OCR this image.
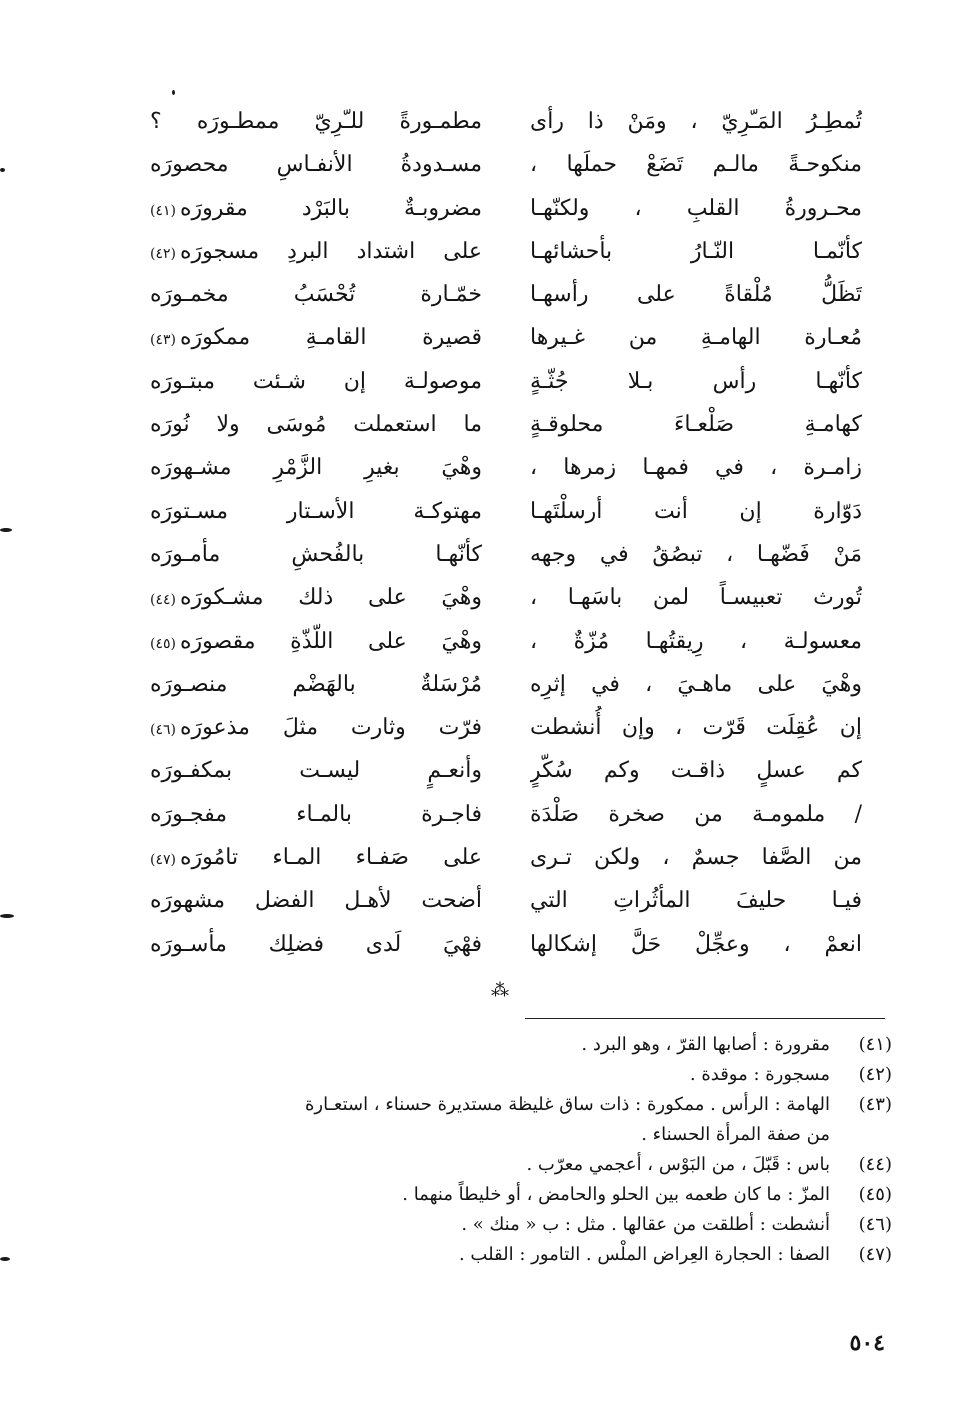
تُمطِـرُ المَـّرِيّ ، ومَنْ ذا رأى
منكوحـةً مالـم تَضَعْ حملَها ،
محـرورةُ القلبِ ، ولكنّهـا
كأنّمـا النّـارُ بأحشائهـا
تَظَلُّ مُلْقاةً على رأسهـا
مُعـارة الهامـةِ من غـيرها
كأنّهـا رأس بـلا جُثّـةٍ
كهامـةِ صَلْعـاءَ محلوقـةٍ
زامـرة ، في فمهـا زمرها ،
دَوّارة إن أنت أرسلْتَهـا
مَنْ فَضّهـا ، تبصُقُ في وجهه
تُورث تعبيسـاً لمن باسَهـا ،
معسولـة ، رِيقتُهـا مُزّةٌ ،
وهْيَ على ماهـيَ ، في إثرِه
إن عُقِلَت قَرّت ، وإن أُنشطت
كم عسلٍ ذاقـت وكم سُكّرٍ
/ ملمومـة من صخرة صَلْدَة
من الصَّفا جسمٌ ، ولكن تـرى
فيـا حليفَ المأثُراتِ التي
انعمْ ، وعجِّلْ حَلَّ إشكالها
مطمـورةً للـّرِيّ ممطـورَه ؟
مسـدودةُ الأنفـاسِ محصورَه
مضروبـةٌ بالبَرْد مقرورَه(٤١)
على اشتداد البردِ مسجورَه(٤٢)
خمّـارة تُحْسَبُ مخمـورَه
قصيرة القامـةِ ممكورَه(٤٣)
موصولـة إن شـئت مبتـورَه
ما استعملت مُوسَى ولا نُورَه
وهْيَ بغيرِ الزَّمْرِ مشـهورَه
مهتوكـة الأسـتار مسـتورَه
كأنّهـا بالفُحشِ مأمـورَه
وهْيَ على ذلك مشـكورَه(٤٤)
وهْيَ على اللّذّةِ مقصورَه(٤٥)
مُرْسَلةٌ بالهَضْم منصـورَه
فرّت وثارت مثلَ مذعورَه(٤٦)
وأنعـمٍ ليسـت بمكفـورَه
فاجـرة بالمـاء مفجـورَه
على صَفـاء المـاء تامُورَه(٤٧)
أضحت لأهـل الفضل مشهورَه
فهْيَ لَدى فضلِك مأسـورَه
⁂
(٤١)
مقرورة : أصابها القرّ ، وهو البرد .
(٤٢)
مسجورة : موقدة .
(٤٣)
الهامة : الرأس . ممكورة : ذات ساق غليظة مستديرة حسناء ، استعـارة
من صفة المرأة الحسناء .
(٤٤)
باس : قَبّلَ ، من البَوْس ، أعجمي معرّب .
(٤٥)
المزّ : ما كان طعمه بين الحلو والحامض ، أو خليطاً منهما .
(٤٦)
أنشطت : أطلقت من عقالها . مثل : ب « منك » .
(٤٧)
الصفا : الحجارة العِراض الملْس . التامور : القلب .
٥٠٤
